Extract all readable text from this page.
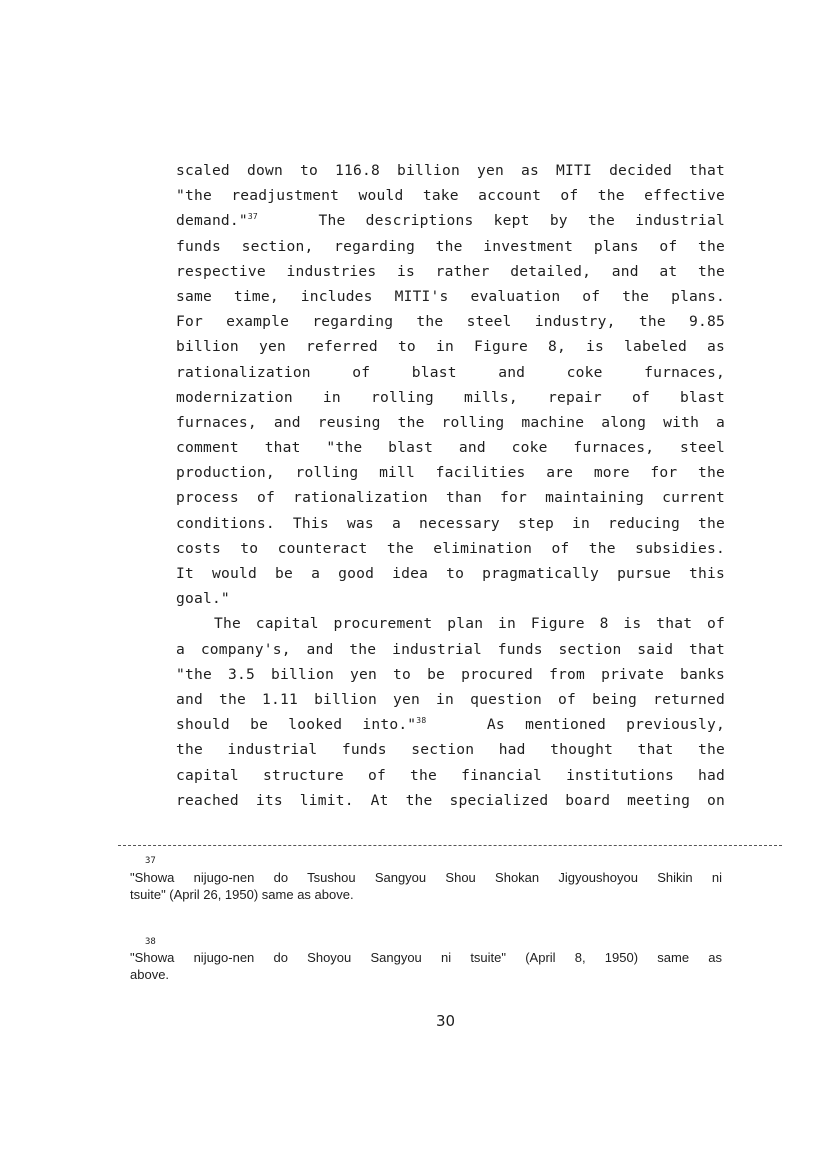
scaled down to 116.8 billion yen as MITI decided that
"the readjustment would take account of the effective
demand."$^{37}$	The descriptions kept by the industrial
funds section, regarding the investment plans of the
respective industries is rather detailed, and at the
same time, includes MITI's evaluation of the plans.
For example regarding the steel industry, the 9.85
billion yen referred to in Figure 8, is labeled as
rationalization of blast and coke furnaces,
modernization in rolling mills, repair of blast
furnaces, and reusing the rolling machine along with a
comment that "the blast and coke furnaces, steel
production, rolling mill facilities are more for the
process of rationalization than for maintaining current
conditions. This was a necessary step in reducing the
costs to counteract the elimination of the subsidies.
It would be a good idea to pragmatically pursue this
goal."
The capital procurement plan in Figure 8 is that of
a company's, and the industrial funds section said that
"the 3.5 billion yen to be procured from private banks
and the 1.11 billion yen in question of being returned
should be looked into."$^{38}$	As mentioned previously,
the industrial funds section had thought that the
capital structure of the financial institutions had
reached its limit. At the specialized board meeting on
37
"Showa nijugo-nen do Tsushou Sangyou Shou Shokan Jigyoushoyou Shikin ni
tsuite" (April 26, 1950) same as above.
38
"Showa nijugo-nen do Shoyou Sangyou ni tsuite" (April 8, 1950) same as
above.
30
